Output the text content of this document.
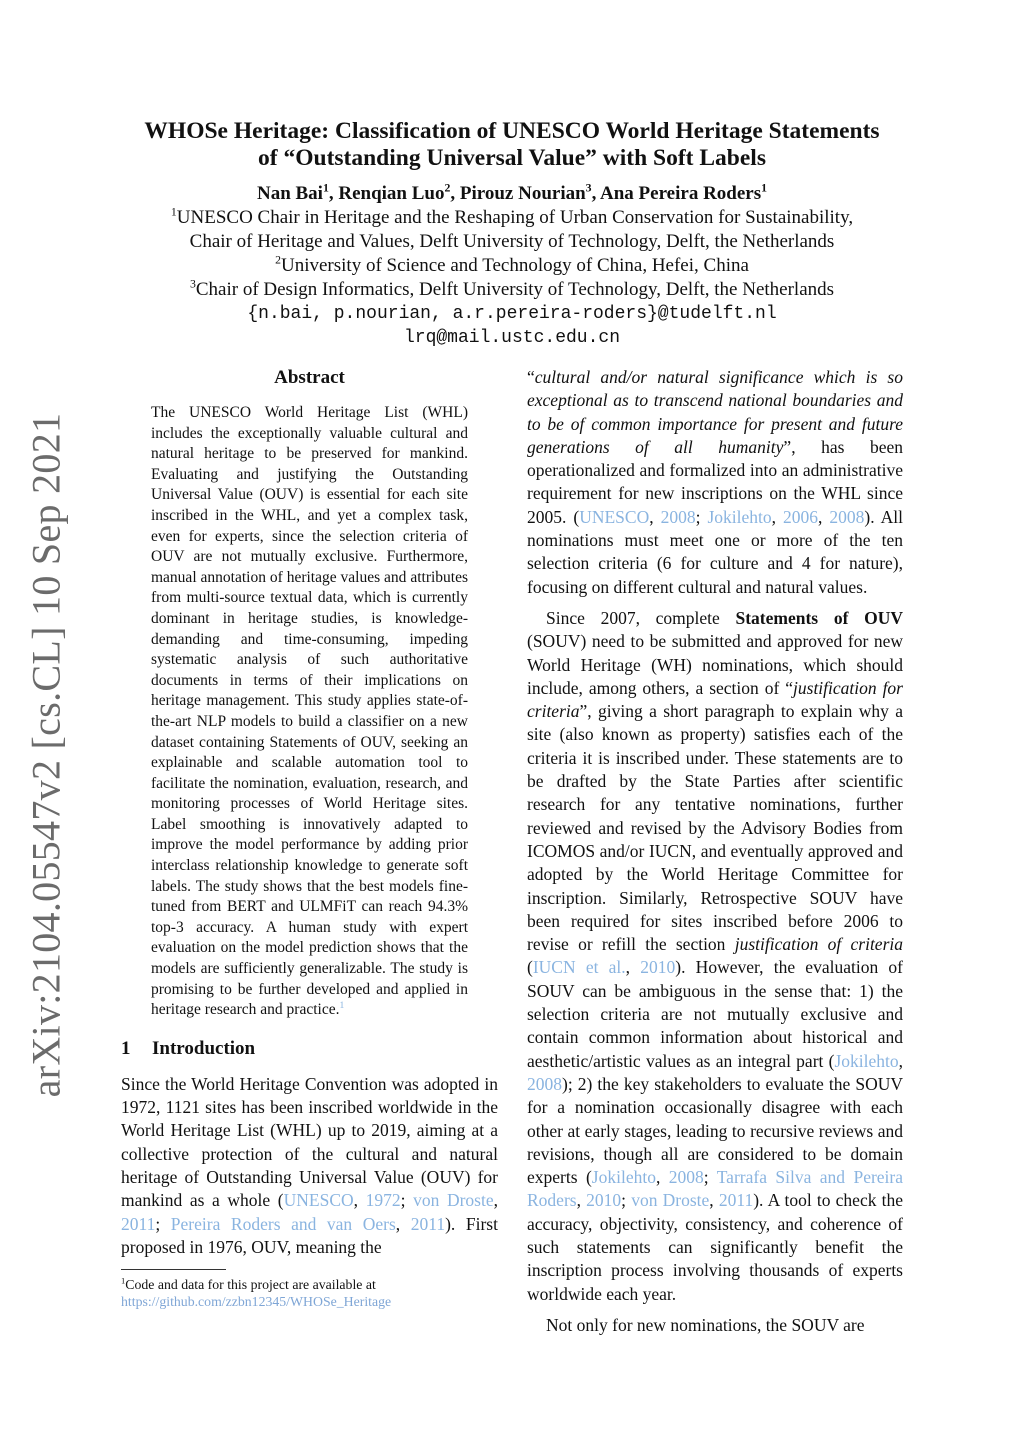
arXiv:2104.05547v2 [cs.CL] 10 Sep 2021
WHOSe Heritage: Classification of UNESCO World Heritage Statements
of “Outstanding Universal Value” with Soft Labels
Nan Bai$^1$, Renqian Luo$^2$, Pirouz Nourian$^3$, Ana Pereira Roders$^1$
$^1$UNESCO Chair in Heritage and the Reshaping of Urban Conservation for Sustainability,
Chair of Heritage and Values, Delft University of Technology, Delft, the Netherlands
$^2$University of Science and Technology of China, Hefei, China
$^3$Chair of Design Informatics, Delft University of Technology, Delft, the Netherlands
{n.bai, p.nourian, a.r.pereira-roders}@tudelft.nl
lrq@mail.ustc.edu.cn
Abstract
The UNESCO World Heritage List (WHL) includes the exceptionally valuable cultural and natural heritage to be preserved for mankind. Evaluating and justifying the Outstanding Universal Value (OUV) is essential for each site inscribed in the WHL, and yet a complex task, even for experts, since the selection criteria of OUV are not mutually exclusive. Furthermore, manual annotation of heritage values and attributes from multi-source textual data, which is currently dominant in heritage studies, is knowledge-demanding and time-consuming, impeding systematic analysis of such authoritative documents in terms of their implications on heritage management. This study applies state-of-the-art NLP models to build a classifier on a new dataset containing Statements of OUV, seeking an explainable and scalable automation tool to facilitate the nomination, evaluation, research, and monitoring processes of World Heritage sites. Label smoothing is innovatively adapted to improve the model performance by adding prior interclass relationship knowledge to generate soft labels. The study shows that the best models fine-tuned from BERT and ULMFiT can reach 94.3% top-3 accuracy. A human study with expert evaluation on the model prediction shows that the models are sufficiently generalizable. The study is promising to be further developed and applied in heritage research and practice.$^1$
1 Introduction

Since the World Heritage Convention was adopted in 1972, 1121 sites has been inscribed worldwide in the World Heritage List (WHL) up to 2019, aiming at a collective protection of the cultural and natural heritage of Outstanding Universal Value (OUV) for mankind as a whole (UNESCO, 1972; von Droste, 2011; Pereira Roders and van Oers, 2011). First proposed in 1976, OUV, meaning the

$^1$Code and data for this project are available at
https://github.com/zzbn12345/WHOSe_Heritage

“cultural and/or natural significance which is so exceptional as to transcend national boundaries and to be of common importance for present and future generations of all humanity”, has been operationalized and formalized into an administrative requirement for new inscriptions on the WHL since 2005. (UNESCO, 2008; Jokilehto, 2006, 2008). All nominations must meet one or more of the ten selection criteria (6 for culture and 4 for nature), focusing on different cultural and natural values.

Since 2007, complete Statements of OUV (SOUV) need to be submitted and approved for new World Heritage (WH) nominations, which should include, among others, a section of “justification for criteria”, giving a short paragraph to explain why a site (also known as property) satisfies each of the criteria it is inscribed under. These statements are to be drafted by the State Parties after scientific research for any tentative nominations, further reviewed and revised by the Advisory Bodies from ICOMOS and/or IUCN, and eventually approved and adopted by the World Heritage Committee for inscription. Similarly, Retrospective SOUV have been required for sites inscribed before 2006 to revise or refill the section justification of criteria (IUCN et al., 2010). However, the evaluation of SOUV can be ambiguous in the sense that: 1) the selection criteria are not mutually exclusive and contain common information about historical and aesthetic/artistic values as an integral part (Jokilehto, 2008); 2) the key stakeholders to evaluate the SOUV for a nomination occasionally disagree with each other at early stages, leading to recursive reviews and revisions, though all are considered to be domain experts (Jokilehto, 2008; Tarrafa Silva and Pereira Roders, 2010; von Droste, 2011). A tool to check the accuracy, objectivity, consistency, and coherence of such statements can significantly benefit the inscription process involving thousands of experts worldwide each year.

Not only for new nominations, the SOUV are
